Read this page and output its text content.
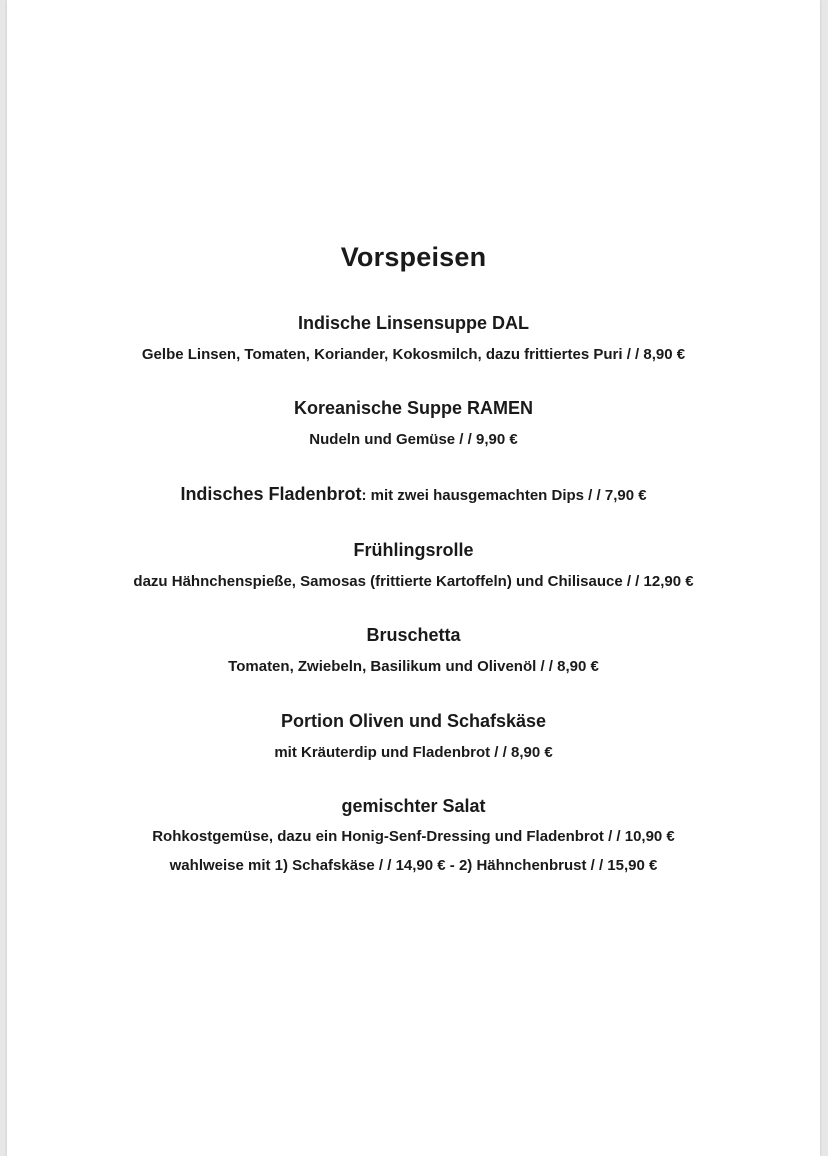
Vorspeisen
Indische Linsensuppe DAL
Gelbe Linsen, Tomaten, Koriander, Kokosmilch, dazu frittiertes Puri / / 8,90 €
Koreanische Suppe RAMEN
Nudeln und Gemüse / / 9,90 €
Indisches Fladenbrot: mit zwei hausgemachten Dips / / 7,90 €
Frühlingsrolle
dazu Hähnchenspieße, Samosas (frittierte Kartoffeln) und Chilisauce / / 12,90 €
Bruschetta
Tomaten, Zwiebeln, Basilikum und Olivenöl / / 8,90 €
Portion Oliven und Schafskäse
mit Kräuterdip und Fladenbrot / / 8,90 €
gemischter Salat
Rohkostgemüse, dazu ein Honig-Senf-Dressing und Fladenbrot / / 10,90 €
wahlweise mit 1) Schafskäse / / 14,90 € - 2) Hähnchenbrust / / 15,90 €
